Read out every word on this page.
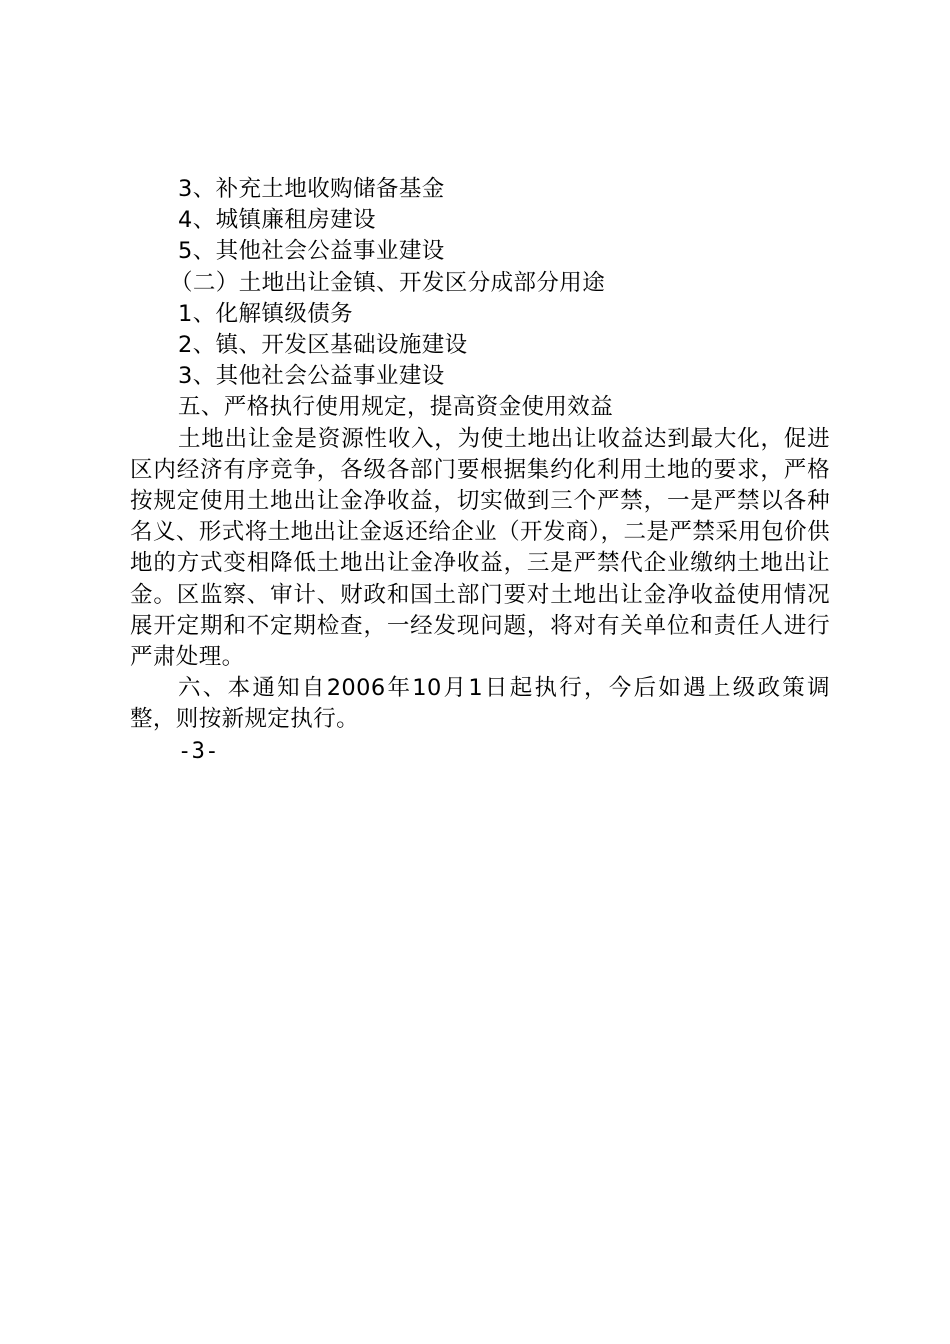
3、补充土地收购储备基金
4、城镇廉租房建设
5、其他社会公益事业建设
（二）土地出让金镇、开发区分成部分用途
1、化解镇级债务
2、镇、开发区基础设施建设
3、其他社会公益事业建设
五、严格执行使用规定，提高资金使用效益
土地出让金是资源性收入，为使土地出让收益达到最大化，促进区内经济有序竞争，各级各部门要根据集约化利用土地的要求，严格按规定使用土地出让金净收益，切实做到三个严禁，一是严禁以各种名义、形式将土地出让金返还给企业（开发商），二是严禁采用包价供地的方式变相降低土地出让金净收益，三是严禁代企业缴纳土地出让金。区监察、审计、财政和国土部门要对土地出让金净收益使用情况展开定期和不定期检查，一经发现问题，将对有关单位和责任人进行严肃处理。
六、本通知自2006年10月1日起执行，今后如遇上级政策调整，则按新规定执行。
-3-
